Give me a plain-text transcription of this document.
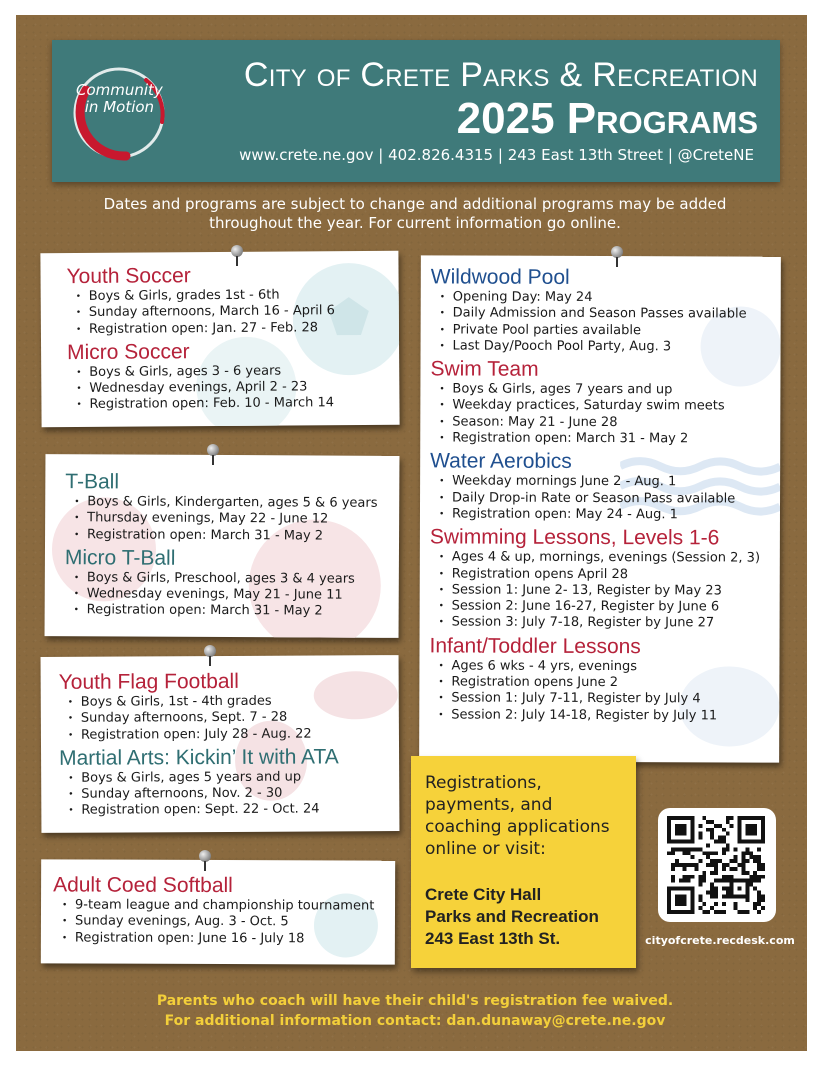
Community
in Motion
City of Crete Parks & Recreation
2025 Programs
www.crete.ne.gov | 402.826.4315 | 243 East 13th Street | @CreteNE
Dates and programs are subject to change and additional programs may be added
throughout the year. For current information go online.
Youth Soccer
• Boys & Girls, grades 1st - 6th
• Sunday afternoons, March 16 - April 6
• Registration open: Jan. 27 - Feb. 28
Micro Soccer
• Boys & Girls, ages 3 - 6 years
• Wednesday evenings, April 2 - 23
• Registration open: Feb. 10 - March 14
T-Ball
• Boys & Girls, Kindergarten, ages 5 & 6 years
• Thursday evenings, May 22 - June 12
• Registration open: March 31 - May 2
Micro T-Ball
• Boys & Girls, Preschool, ages 3 & 4 years
• Wednesday evenings, May 21 - June 11
• Registration open: March 31 - May 2
Youth Flag Football
• Boys & Girls, 1st - 4th grades
• Sunday afternoons, Sept. 7 - 28
• Registration open: July 28 - Aug. 22
Martial Arts: Kickin’ It with ATA
• Boys & Girls, ages 5 years and up
• Sunday afternoons, Nov. 2 - 30
• Registration open: Sept. 22 - Oct. 24
Adult Coed Softball
• 9-team league and championship tournament
• Sunday evenings, Aug. 3 - Oct. 5
• Registration open: June 16 - July 18
Wildwood Pool
• Opening Day: May 24
• Daily Admission and Season Passes available
• Private Pool parties available
• Last Day/Pooch Pool Party, Aug. 3
Swim Team
• Boys & Girls, ages 7 years and up
• Weekday practices, Saturday swim meets
• Season: May 21 - June 28
• Registration open: March 31 - May 2
Water Aerobics
• Weekday mornings June 2 - Aug. 1
• Daily Drop-in Rate or Season Pass available
• Registration open: May 24 - Aug. 1
Swimming Lessons, Levels 1-6
• Ages 4 & up, mornings, evenings (Session 2, 3)
• Registration opens April 28
• Session 1: June 2- 13, Register by May 23
• Session 2: June 16-27, Register by June 6
• Session 3: July 7-18, Register by June 27
Infant/Toddler Lessons
• Ages 6 wks - 4 yrs, evenings
• Registration opens June 2
• Session 1: July 7-11, Register by July 4
• Session 2: July 14-18, Register by July 11
Registrations,
payments, and
coaching applications
online or visit:
Crete City Hall
Parks and Recreation
243 East 13th St.	cityofcrete.recdesk.com
Parents who coach will have their child's registration fee waived.
For additional information contact: dan.dunaway@crete.ne.gov
